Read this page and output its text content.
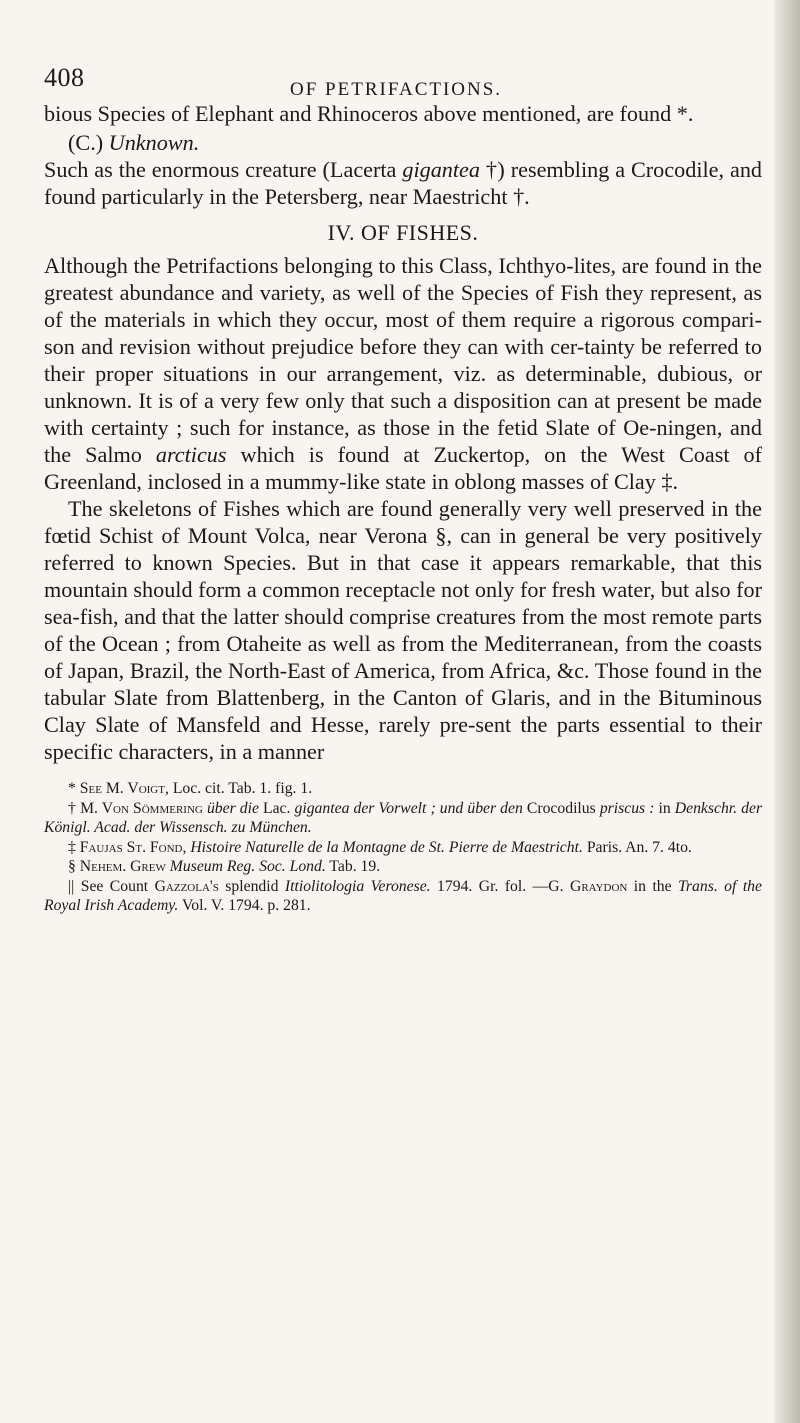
408	OF PETRIFACTIONS.

bious Species of Elephant and Rhinoceros above mentioned, are found *.

(C.) Unknown.

Such as the enormous creature (Lacerta gigantea †) resembling a Crocodile, and found particularly in the Petersberg, near Maestricht †.

IV. OF FISHES.

Although the Petrifactions belonging to this Class, Ichthyo-lites, are found in the greatest abundance and variety, as well of the Species of Fish they represent, as of the materials in which they occur, most of them require a rigorous compari-son and revision without prejudice before they can with cer-tainty be referred to their proper situations in our arrangement, viz. as determinable, dubious, or unknown. It is of a very few only that such a disposition can at present be made with certainty ; such for instance, as those in the fetid Slate of Oe-ningen, and the Salmo arcticus which is found at Zuckertop, on the West Coast of Greenland, inclosed in a mummy-like state in oblong masses of Clay ‡.

The skeletons of Fishes which are found generally very well preserved in the fœtid Schist of Mount Volca, near Verona §, can in general be very positively referred to known Species. But in that case it appears remarkable, that this mountain should form a common receptacle not only for fresh water, but also for sea-fish, and that the latter should comprise creatures from the most remote parts of the Ocean ; from Otaheite as well as from the Mediterranean, from the coasts of Japan, Brazil, the North-East of America, from Africa, &c. Those found in the tabular Slate from Blattenberg, in the Canton of Glaris, and in the Bituminous Clay Slate of Mansfeld and Hesse, rarely pre-sent the parts essential to their specific characters, in a manner

* See M. Voigt, Loc. cit. Tab. 1. fig. 1.

† M. Von Sömmering über die Lac. gigantea der Vorwelt ; und über den Crocodilus priscus : in Denkschr. der Königl. Acad. der Wissensch. zu München.

‡ Faujas St. Fond, Histoire Naturelle de la Montagne de St. Pierre de Maestricht. Paris. An. 7. 4to.

§ Nehem. Grew Museum Reg. Soc. Lond. Tab. 19.

|| See Count Gazzola's splendid Ittiolitologia Veronese. 1794. Gr. fol. —G. Graydon in the Trans. of the Royal Irish Academy. Vol. V. 1794. p. 281.
